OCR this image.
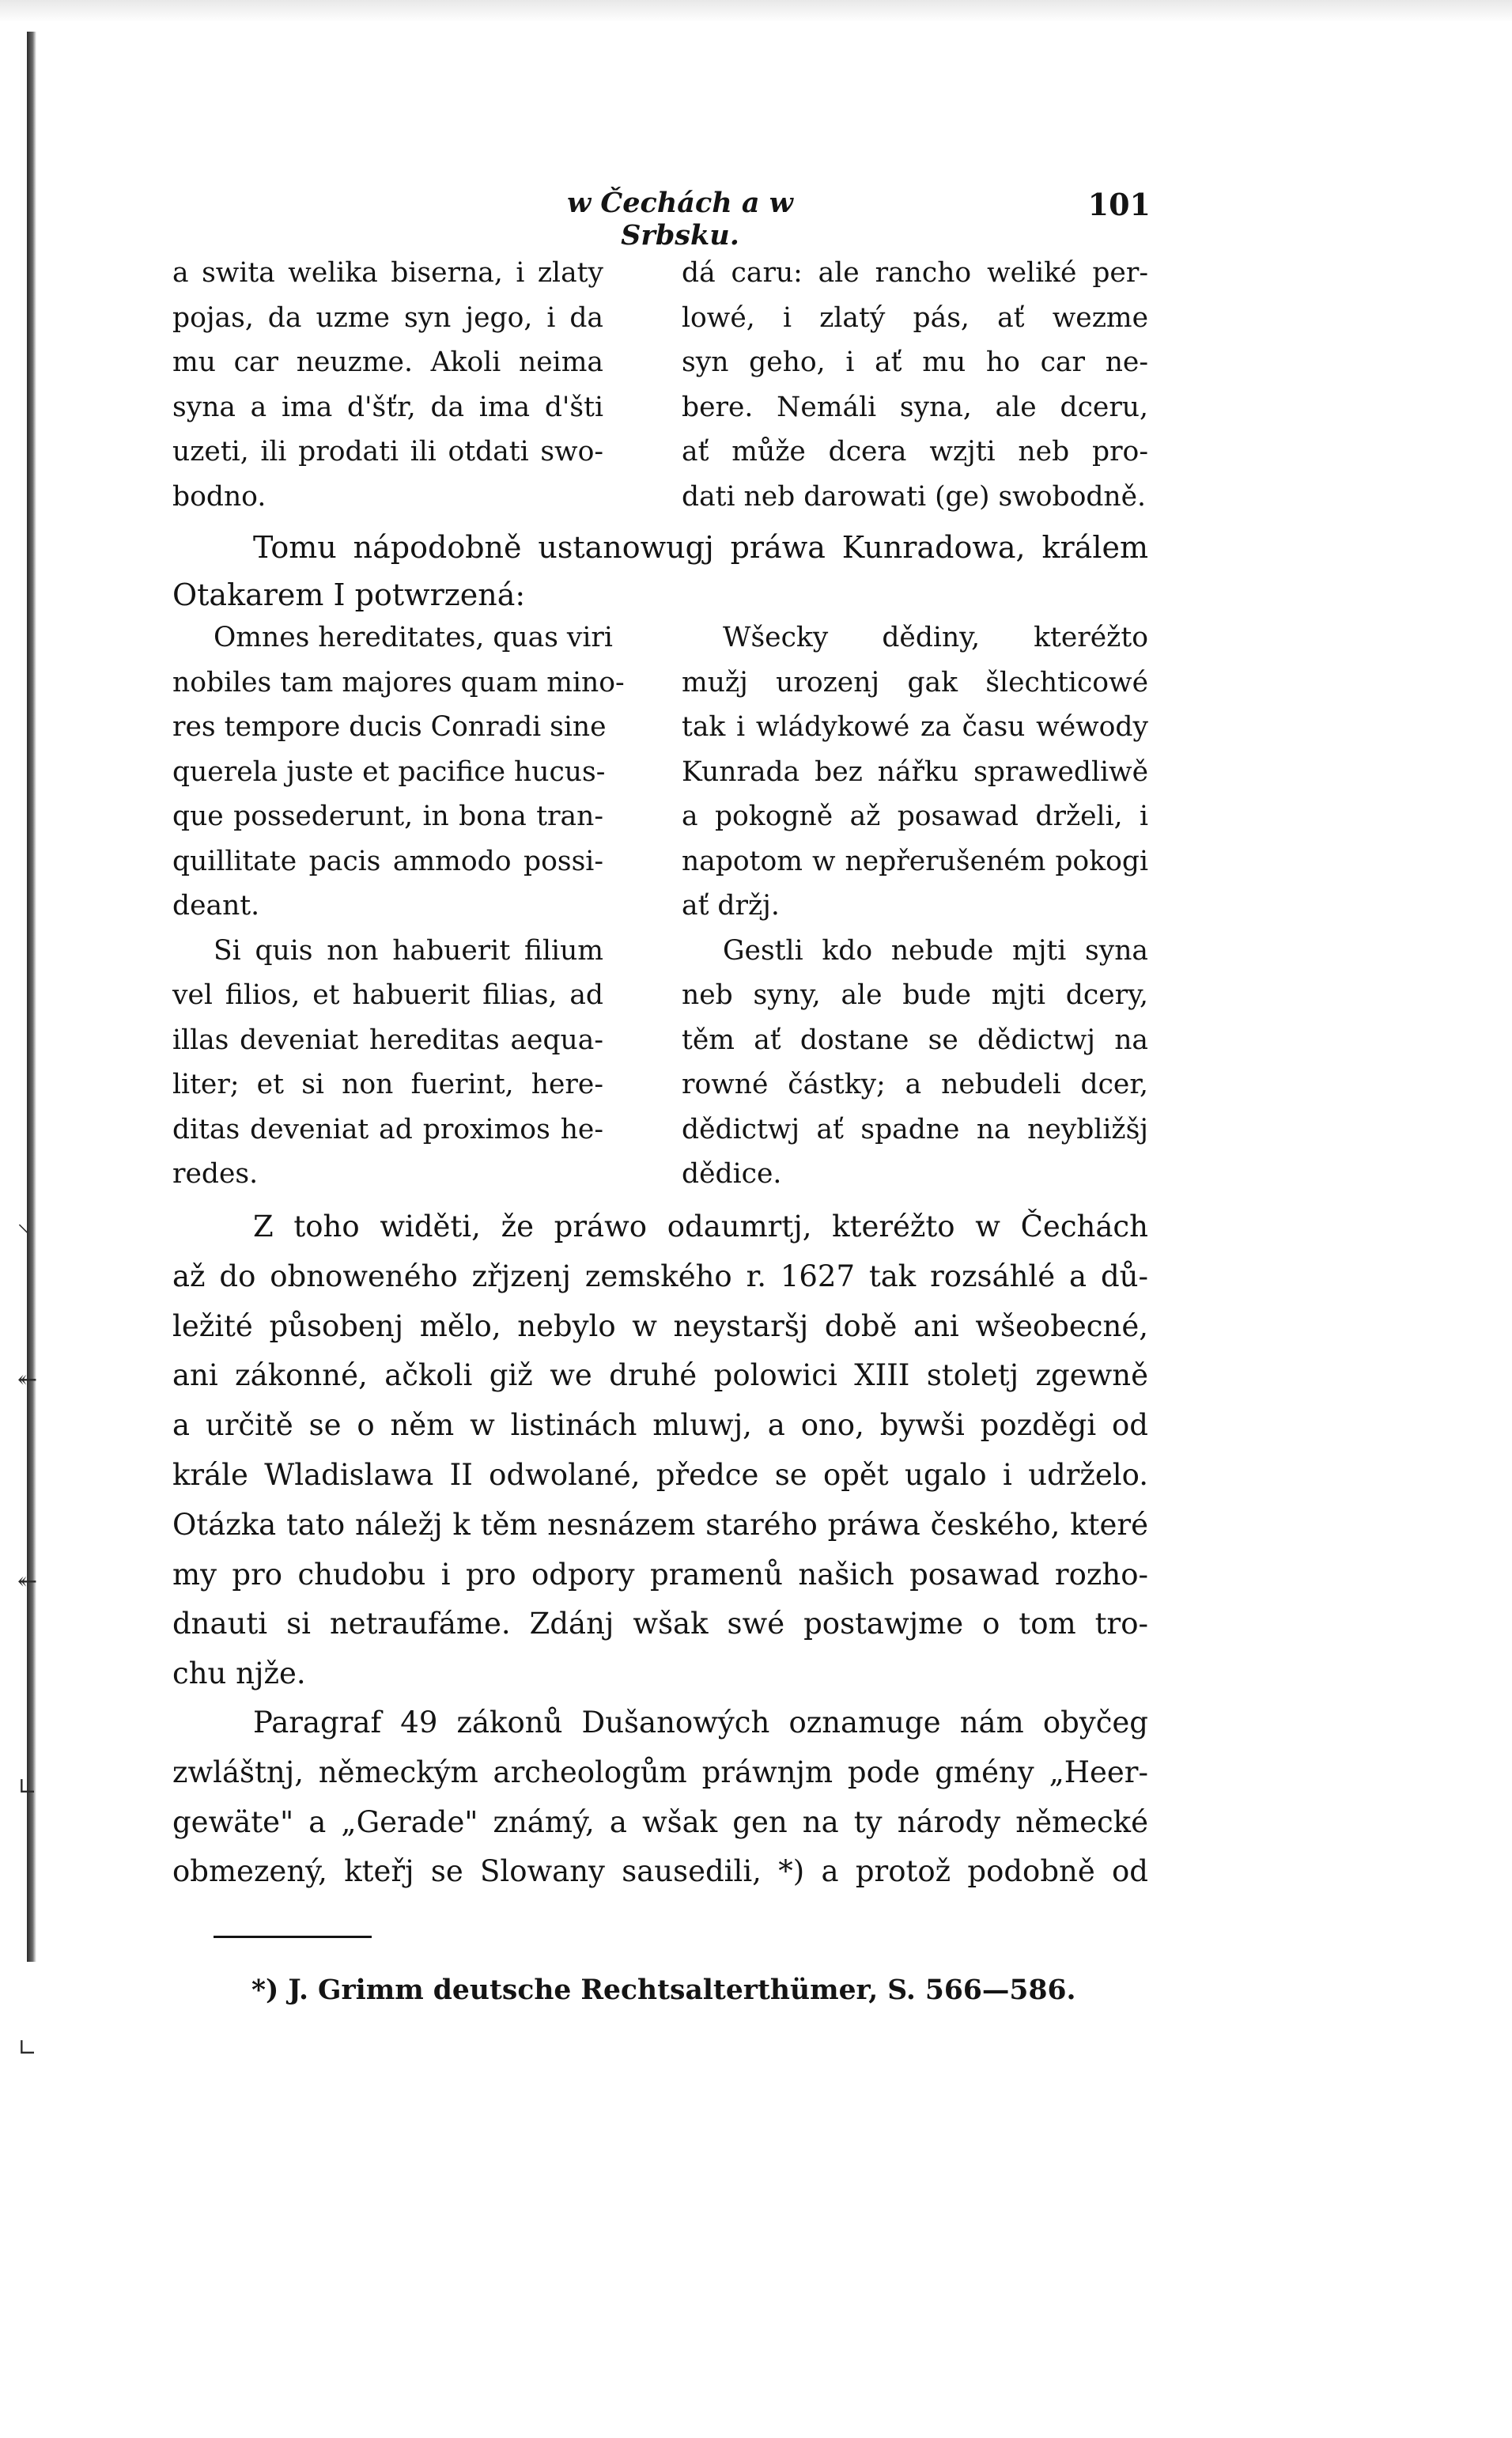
⸌
↞
↞
∟
∟
w Čechách a w Srbsku.
101
a swita welika biserna, i zlaty
pojas, da uzme syn jego, i da
mu car neuzme. Akoli neima
syna a ima d'šťr, da ima d'šti
uzeti, ili prodati ili otdati swo-
bodno.
dá caru: ale rancho weliké per-
lowé, i zlatý pás, ať wezme
syn geho, i ať mu ho car ne-
bere. Nemáli syna, ale dceru,
ať může dcera wzjti neb pro-
dati neb darowati (ge) swobodně.
Tomu nápodobně ustanowugj práwa Kunradowa, králem
Otakarem I potwrzená:
Omnes hereditates, quas viri
nobiles tam majores quam mino-
res tempore ducis Conradi sine
querela juste et pacifice hucus-
que possederunt, in bona tran-
quillitate pacis ammodo possi-
deant.
Si quis non habuerit filium
vel filios, et habuerit filias, ad
illas deveniat hereditas aequa-
liter; et si non fuerint, here-
ditas deveniat ad proximos he-
redes.
Wšecky dědiny, kteréžto
mužj urozenj gak šlechticowé
tak i wládykowé za času wéwody
Kunrada bez nářku sprawedliwě
a pokogně až posawad drželi, i
napotom w nepřerušeném pokogi
ať držj.
Gestli kdo nebude mjti syna
neb syny, ale bude mjti dcery,
těm ať dostane se dědictwj na
rowné částky; a nebudeli dcer,
dědictwj ať spadne na neybližšj
dědice.
Z toho widěti, že práwo odaumrtj, kteréžto w Čechách
až do obnoweného zřjzenj zemského r. 1627 tak rozsáhlé a dů-
ležité působenj mělo, nebylo w neystaršj době ani wšeobecné,
ani zákonné, ačkoli giž we druhé polowici XIII stoletj zgewně
a určitě se o něm w listinách mluwj, a ono, bywši pozděgi od
krále Wladislawa II odwolané, předce se opět ugalo i udrželo.
Otázka tato náležj k těm nesnázem starého práwa českého, které
my pro chudobu i pro odpory pramenů našich posawad rozho-
dnauti si netraufáme. Zdánj wšak swé postawjme o tom tro-
chu njže.
Paragraf 49 zákonů Dušanowých oznamuge nám obyčeg
zwláštnj, německým archeologům práwnjm pode gmény „Heer-
gewäte" a „Gerade" známý, a wšak gen na ty národy německé
obmezený, kteřj se Slowany sausedili, *) a protož podobně od
*) J. Grimm deutsche Rechtsalterthümer, S. 566—586.
